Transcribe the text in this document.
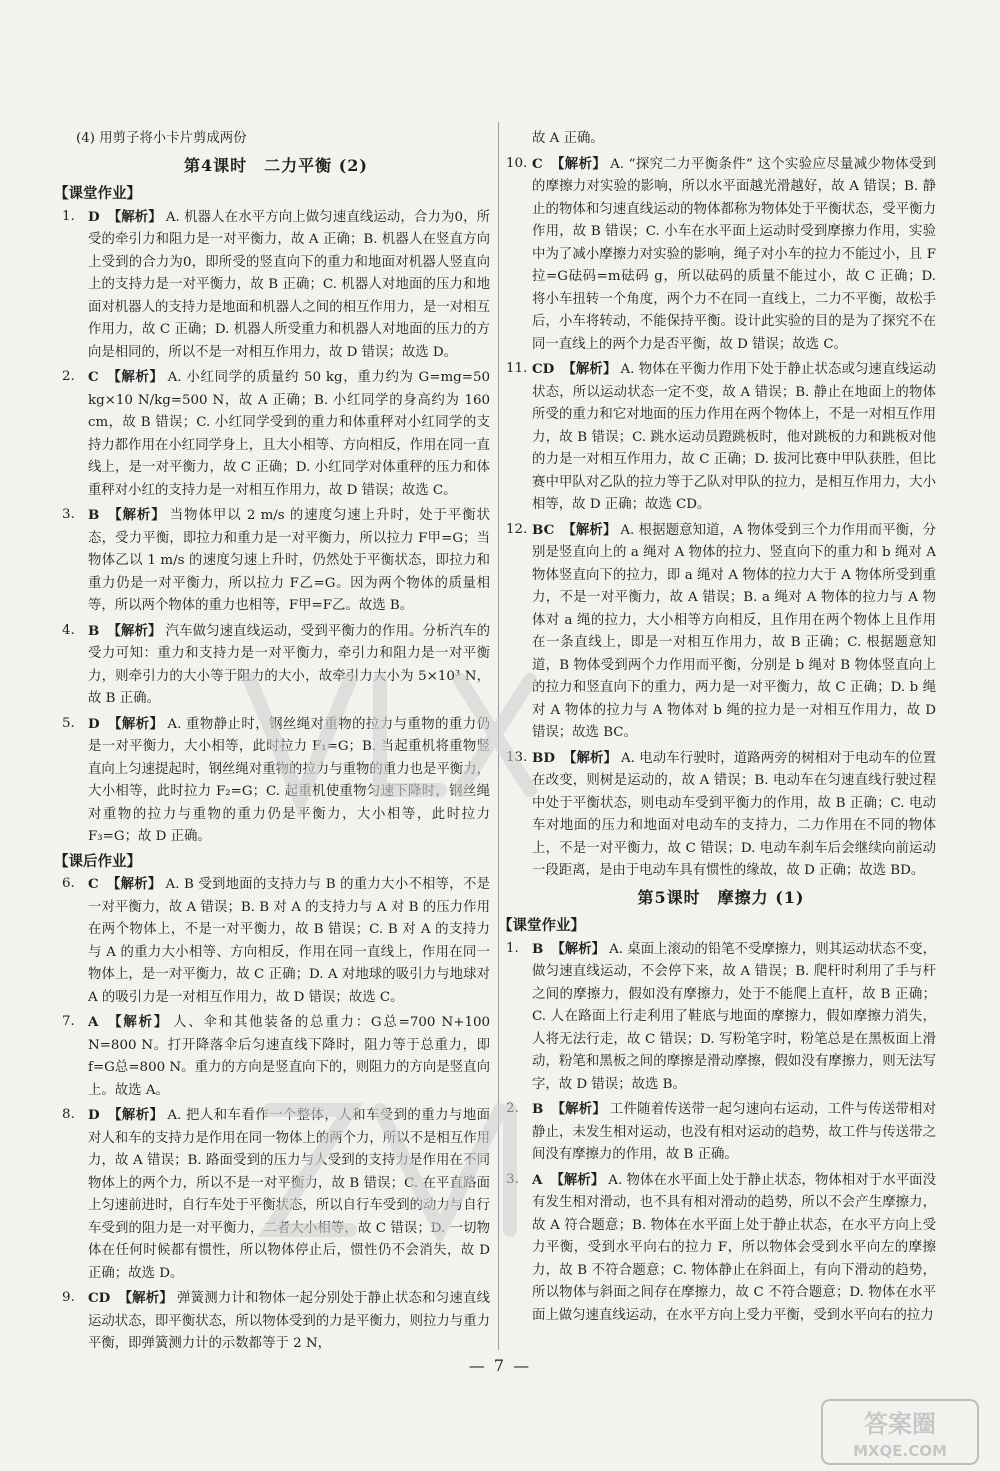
(4) 用剪子将小卡片剪成两份
第4课时　二力平衡 (2)
【课堂作业】
1. D 【解析】 A. 机器人在水平方向上做匀速直线运动，合力为0，所受的牵引力和阻力是一对平衡力，故 A 正确；B. 机器人在竖直方向上受到的合力为0，即所受的竖直向下的重力和地面对机器人竖直向上的支持力是一对平衡力，故 B 正确；C. 机器人对地面的压力和地面对机器人的支持力是地面和机器人之间的相互作用力，是一对相互作用力，故 C 正确；D. 机器人所受重力和机器人对地面的压力的方向是相同的，所以不是一对相互作用力，故 D 错误；故选 D。
2. C 【解析】 A. 小红同学的质量约 50 kg，重力约为 G=mg=50 kg×10 N/kg=500 N，故 A 正确；B. 小红同学的身高约为 160 cm，故 B 错误；C. 小红同学受到的重力和体重秤对小红同学的支持力都作用在小红同学身上，且大小相等、方向相反，作用在同一直线上，是一对平衡力，故 C 正确；D. 小红同学对体重秤的压力和体重秤对小红的支持力是一对相互作用力，故 D 错误；故选 C。
3. B 【解析】 当物体甲以 2 m/s 的速度匀速上升时，处于平衡状态，受力平衡，即拉力和重力是一对平衡力，所以拉力 F甲=G；当物体乙以 1 m/s 的速度匀速上升时，仍然处于平衡状态，即拉力和重力仍是一对平衡力，所以拉力 F乙=G。因为两个物体的质量相等，所以两个物体的重力也相等，F甲=F乙。故选 B。
4. B 【解析】 汽车做匀速直线运动，受到平衡力的作用。分析汽车的受力可知：重力和支持力是一对平衡力，牵引力和阻力是一对平衡力，则牵引力的大小等于阻力的大小，故牵引力大小为 5×10³ N，故 B 正确。
5. D 【解析】 A. 重物静止时，钢丝绳对重物的拉力与重物的重力仍是一对平衡力，大小相等，此时拉力 F₁=G；B. 当起重机将重物竖直向上匀速提起时，钢丝绳对重物的拉力与重物的重力也是平衡力，大小相等，此时拉力 F₂=G；C. 起重机使重物匀速下降时，钢丝绳对重物的拉力与重物的重力仍是平衡力，大小相等，此时拉力 F₃=G；故 D 正确。
【课后作业】
6. C 【解析】 A. B 受到地面的支持力与 B 的重力大小不相等，不是一对平衡力，故 A 错误；B. B 对 A 的支持力与 A 对 B 的压力作用在两个物体上，不是一对平衡力，故 B 错误；C. B 对 A 的支持力与 A 的重力大小相等、方向相反，作用在同一直线上，作用在同一物体上，是一对平衡力，故 C 正确；D. A 对地球的吸引力与地球对 A 的吸引力是一对相互作用力，故 D 错误；故选 C。
7. A 【解析】 人、伞和其他装备的总重力：G总=700 N+100 N=800 N。打开降落伞后匀速直线下降时，阻力等于总重力，即 f=G总=800 N。重力的方向是竖直向下的，则阻力的方向是竖直向上。故选 A。
8. D 【解析】 A. 把人和车看作一个整体，人和车受到的重力与地面对人和车的支持力是作用在同一物体上的两个力，所以不是相互作用力，故 A 错误；B. 路面受到的压力与人受到的支持力是作用在不同物体上的两个力，所以不是一对平衡力，故 B 错误；C. 在平直路面上匀速前进时，自行车处于平衡状态，所以自行车受到的动力与自行车受到的阻力是一对平衡力，二者大小相等，故 C 错误；D. 一切物体在任何时候都有惯性，所以物体停止后，惯性仍不会消失，故 D 正确；故选 D。
9. CD 【解析】 弹簧测力计和物体一起分别处于静止状态和匀速直线运动状态，即平衡状态，所以物体受到的力是平衡力，则拉力与重力平衡，即弹簧测力计的示数都等于 2 N，
故 A 正确。
10. C 【解析】 A. “探究二力平衡条件” 这个实验应尽量减少物体受到的摩擦力对实验的影响，所以水平面越光滑越好，故 A 错误；B. 静止的物体和匀速直线运动的物体都称为物体处于平衡状态，受平衡力作用，故 B 错误；C. 小车在水平面上运动时受到摩擦力作用，实验中为了减小摩擦力对实验的影响，绳子对小车的拉力不能过小，且 F拉=G砝码=m砝码 g，所以砝码的质量不能过小，故 C 正确；D. 将小车扭转一个角度，两个力不在同一直线上，二力不平衡，故松手后，小车将转动，不能保持平衡。设计此实验的目的是为了探究不在同一直线上的两个力是否平衡，故 D 错误；故选 C。
11. CD 【解析】 A. 物体在平衡力作用下处于静止状态或匀速直线运动状态，所以运动状态一定不变，故 A 错误；B. 静止在地面上的物体所受的重力和它对地面的压力作用在两个物体上，不是一对相互作用力，故 B 错误；C. 跳水运动员蹬跳板时，他对跳板的力和跳板对他的力是一对相互作用力，故 C 正确；D. 拔河比赛中甲队获胜，但比赛中甲队对乙队的拉力等于乙队对甲队的拉力，是相互作用力，大小相等，故 D 正确；故选 CD。
12. BC 【解析】 A. 根据题意知道，A 物体受到三个力作用而平衡，分别是竖直向上的 a 绳对 A 物体的拉力、竖直向下的重力和 b 绳对 A 物体竖直向下的拉力，即 a 绳对 A 物体的拉力大于 A 物体所受到重力，不是一对平衡力，故 A 错误；B. a 绳对 A 物体的拉力与 A 物体对 a 绳的拉力，大小相等方向相反，且作用在两个物体上且作用在一条直线上，即是一对相互作用力，故 B 正确；C. 根据题意知道，B 物体受到两个力作用而平衡，分别是 b 绳对 B 物体竖直向上的拉力和竖直向下的重力，两力是一对平衡力，故 C 正确；D. b 绳对 A 物体的拉力与 A 物体对 b 绳的拉力是一对相互作用力，故 D 错误；故选 BC。
13. BD 【解析】 A. 电动车行驶时，道路两旁的树相对于电动车的位置在改变，则树是运动的，故 A 错误；B. 电动车在匀速直线行驶过程中处于平衡状态，则电动车受到平衡力的作用，故 B 正确；C. 电动车对地面的压力和地面对电动车的支持力，二力作用在不同的物体上，不是一对平衡力，故 C 错误；D. 电动车刹车后会继续向前运动一段距离，是由于电动车具有惯性的缘故，故 D 正确；故选 BD。
第5课时　摩擦力 (1)
【课堂作业】
1. B 【解析】 A. 桌面上滚动的铅笔不受摩擦力，则其运动状态不变，做匀速直线运动，不会停下来，故 A 错误；B. 爬杆时利用了手与杆之间的摩擦力，假如没有摩擦力，处于不能爬上直杆，故 B 正确；C. 人在路面上行走利用了鞋底与地面的摩擦力，假如摩擦力消失，人将无法行走，故 C 错误；D. 写粉笔字时，粉笔总是在黑板面上滑动，粉笔和黑板之间的摩擦是滑动摩擦，假如没有摩擦力，则无法写字，故 D 错误；故选 B。
2. B 【解析】 工件随着传送带一起匀速向右运动，工件与传送带相对静止，未发生相对运动，也没有相对运动的趋势，故工件与传送带之间没有摩擦力的作用，故 B 正确。
3. A 【解析】 A. 物体在水平面上处于静止状态，物体相对于水平面没有发生相对滑动，也不具有相对滑动的趋势，所以不会产生摩擦力，故 A 符合题意；B. 物体在水平面上处于静止状态，在水平方向上受力平衡，受到水平向右的拉力 F，所以物体会受到水平向左的摩擦力，故 B 不符合题意；C. 物体静止在斜面上，有向下滑动的趋势，所以物体与斜面之间存在摩擦力，故 C 不符合题意；D. 物体在水平面上做匀速直线运动，在水平方向上受力平衡，受到水平向右的拉力
— 7 —
答案圈
MXQE.COM
